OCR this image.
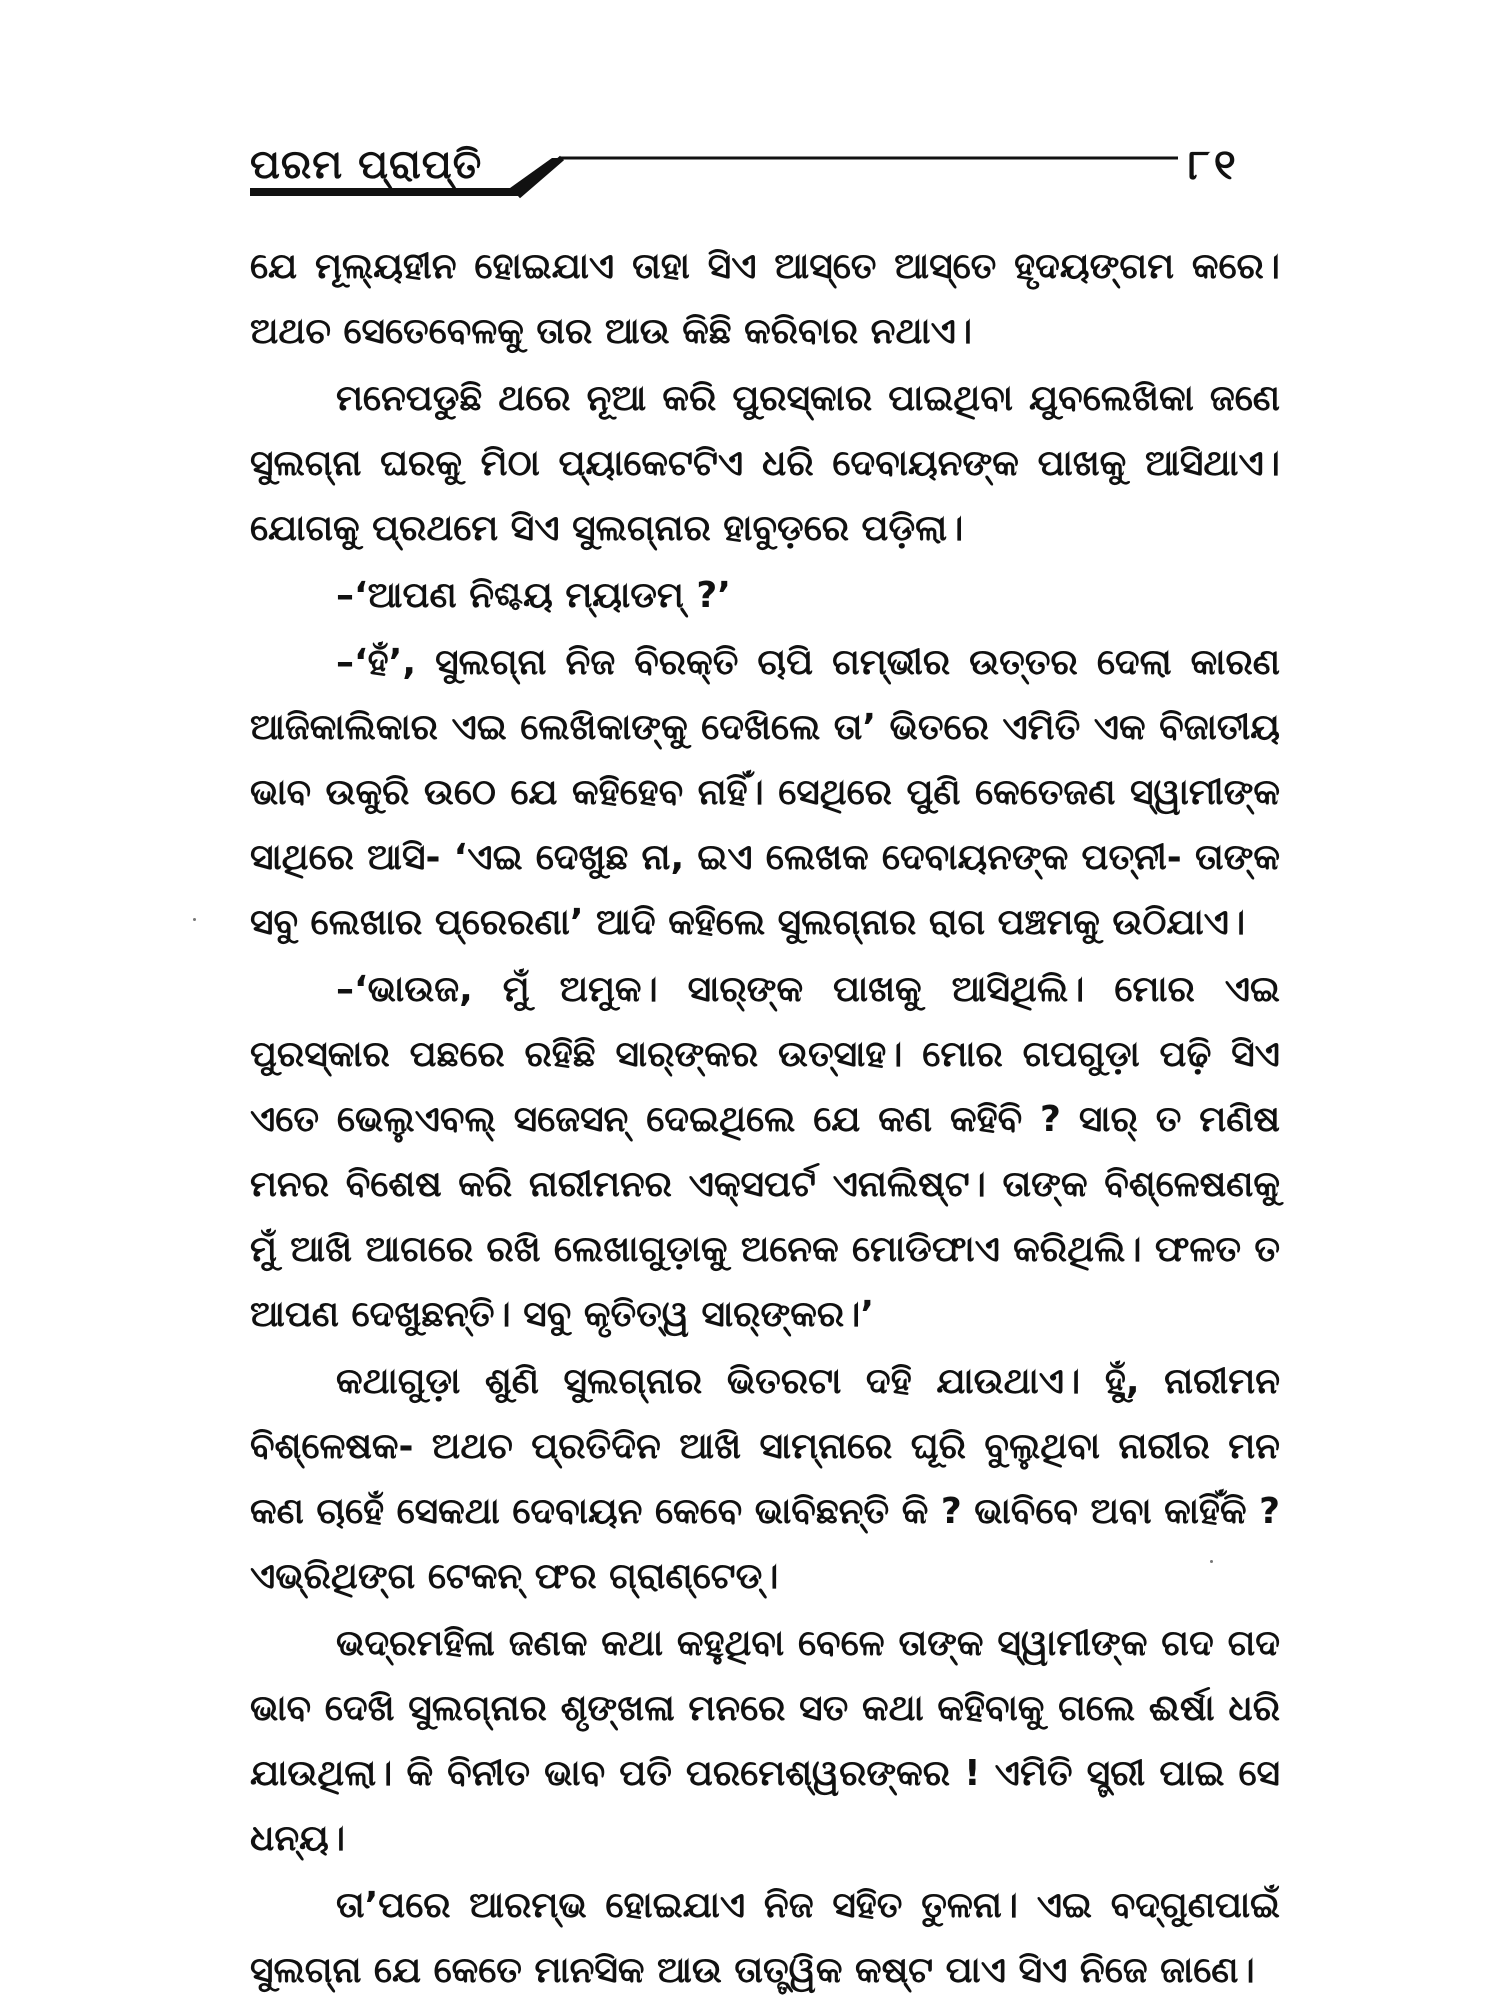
ପରମ ପ୍ରାପ୍ତି	୮୧

ଯେ ମୂଲ୍ୟହୀନ ହୋଇଯାଏ ତାହା ସିଏ ଆସ୍ତେ ଆସ୍ତେ ହୃଦୟଙ୍ଗମ କରେ। ଅଥଚ ସେତେବେଳକୁ ତାର ଆଉ କିଛି କରିବାର ନଥାଏ।

ମନେପଡୁଛି ଥରେ ନୂଆ କରି ପୁରସ୍କାର ପାଇଥିବା ଯୁବଲେଖିକା ଜଣେ ସୁଲଗ୍ନା ଘରକୁ ମିଠା ପ୍ୟାକେଟଟିଏ ଧରି ଦେବାୟନଙ୍କ ପାଖକୁ ଆସିଥାଏ। ଯୋଗକୁ ପ୍ରଥମେ ସିଏ ସୁଲଗ୍ନାର ହାବୁଡ଼ରେ ପଡ଼ିଲା।

–‘ଆପଣ ନିଶ୍ଚୟ ମ୍ୟାଡମ୍‌ ?’

–‘ହଁ’, ସୁଲଗ୍ନା ନିଜ ବିରକ୍ତି ଚାପି ଗମ୍ଭୀର ଉତ୍ତର ଦେଲା କାରଣ ଆଜିକାଲିକାର ଏଇ ଲେଖିକାଙ୍କୁ ଦେଖିଲେ ତା’ ଭିତରେ ଏମିତି ଏକ ବିଜାତୀୟ ଭାବ ଉକୁରି ଉଠେ ଯେ କହିହେବ ନାହିଁ। ସେଥିରେ ପୁଣି କେତେଜଣ ସ୍ୱାମୀଙ୍କ ସାଥିରେ ଆସି- ‘ଏଇ ଦେଖୁଛ ନା, ଇଏ ଲେଖକ ଦେବାୟନଙ୍କ ପତ୍ନୀ- ତାଙ୍କ ସବୁ ଲେଖାର ପ୍ରେରଣା’ ଆଦି କହିଲେ ସୁଲଗ୍ନାର ରାଗ ପଞ୍ଚମକୁ ଉଠିଯାଏ।

–‘ଭାଉଜ, ମୁଁ ଅମୁକ। ସାର୍‌ଙ୍କ ପାଖକୁ ଆସିଥିଲି। ମୋର ଏଇ ପୁରସ୍କାର ପଛରେ ରହିଛି ସାର୍‌ଙ୍କର ଉତ୍ସାହ। ମୋର ଗପଗୁଡ଼ା ପଢ଼ି ସିଏ ଏତେ ଭେଲୁଏବଲ୍‌ ସଜେସନ୍‌ ଦେଇଥିଲେ ଯେ କଣ କହିବି ? ସାର୍‌ ତ ମଣିଷ ମନର ବିଶେଷ କରି ନାରୀମନର ଏକ୍‌ସପର୍ଟ ଏନାଲିଷ୍ଟ। ତାଙ୍କ ବିଶ୍ଳେଷଣକୁ ମୁଁ ଆଖି ଆଗରେ ରଖି ଲେଖାଗୁଡ଼ାକୁ ଅନେକ ମୋଡିଫାଏ କରିଥିଲି। ଫଳତ ତ ଆପଣ ଦେଖୁଛନ୍ତି। ସବୁ କୃତିତ୍ୱ ସାର୍‌ଙ୍କର।’

କଥାଗୁଡ଼ା ଶୁଣି ସୁଲଗ୍ନାର ଭିତରଟା ଦହି ଯାଉଥାଏ। ହୁଁ, ନାରୀମନ ବିଶ୍ଳେଷକ- ଅଥଚ ପ୍ରତିଦିନ ଆଖି ସାମ୍ନାରେ ଘୂରି ବୁଲୁଥିବା ନାରୀର ମନ କଣ ଚାହେଁ ସେକଥା ଦେବାୟନ କେବେ ଭାବିଛନ୍ତି କି ? ଭାବିବେ ଅବା କାହିଁକି ? ଏଭ୍ରିଥିଙ୍ଗ ଟେକନ୍‌ ଫର ଗ୍ରାଣ୍ଟେଡ୍‌।

ଭଦ୍ରମହିଳା ଜଣକ କଥା କହୁଥିବା ବେଳେ ତାଙ୍କ ସ୍ୱାମୀଙ୍କ ଗଦ ଗଦ ଭାବ ଦେଖି ସୁଲଗ୍ନାର ଶୃଙ୍ଖଳା ମନରେ ସତ କଥା କହିବାକୁ ଗଲେ ଈର୍ଷା ଧରି ଯାଉଥିଲା। କି ବିନୀତ ଭାବ ପତି ପରମେଶ୍ୱରଙ୍କର ! ଏମିତି ସ୍ତ୍ରୀ ପାଇ ସେ ଧନ୍ୟ।

ତା’ପରେ ଆରମ୍ଭ ହୋଇଯାଏ ନିଜ ସହିତ ତୁଳନା। ଏଇ ବଦ୍‌ଗୁଣପାଇଁ ସୁଲଗ୍ନା ଯେ କେତେ ମାନସିକ ଆଉ ତାତ୍ତ୍ୱିକ କଷ୍ଟ ପାଏ ସିଏ ନିଜେ ଜାଣେ।
